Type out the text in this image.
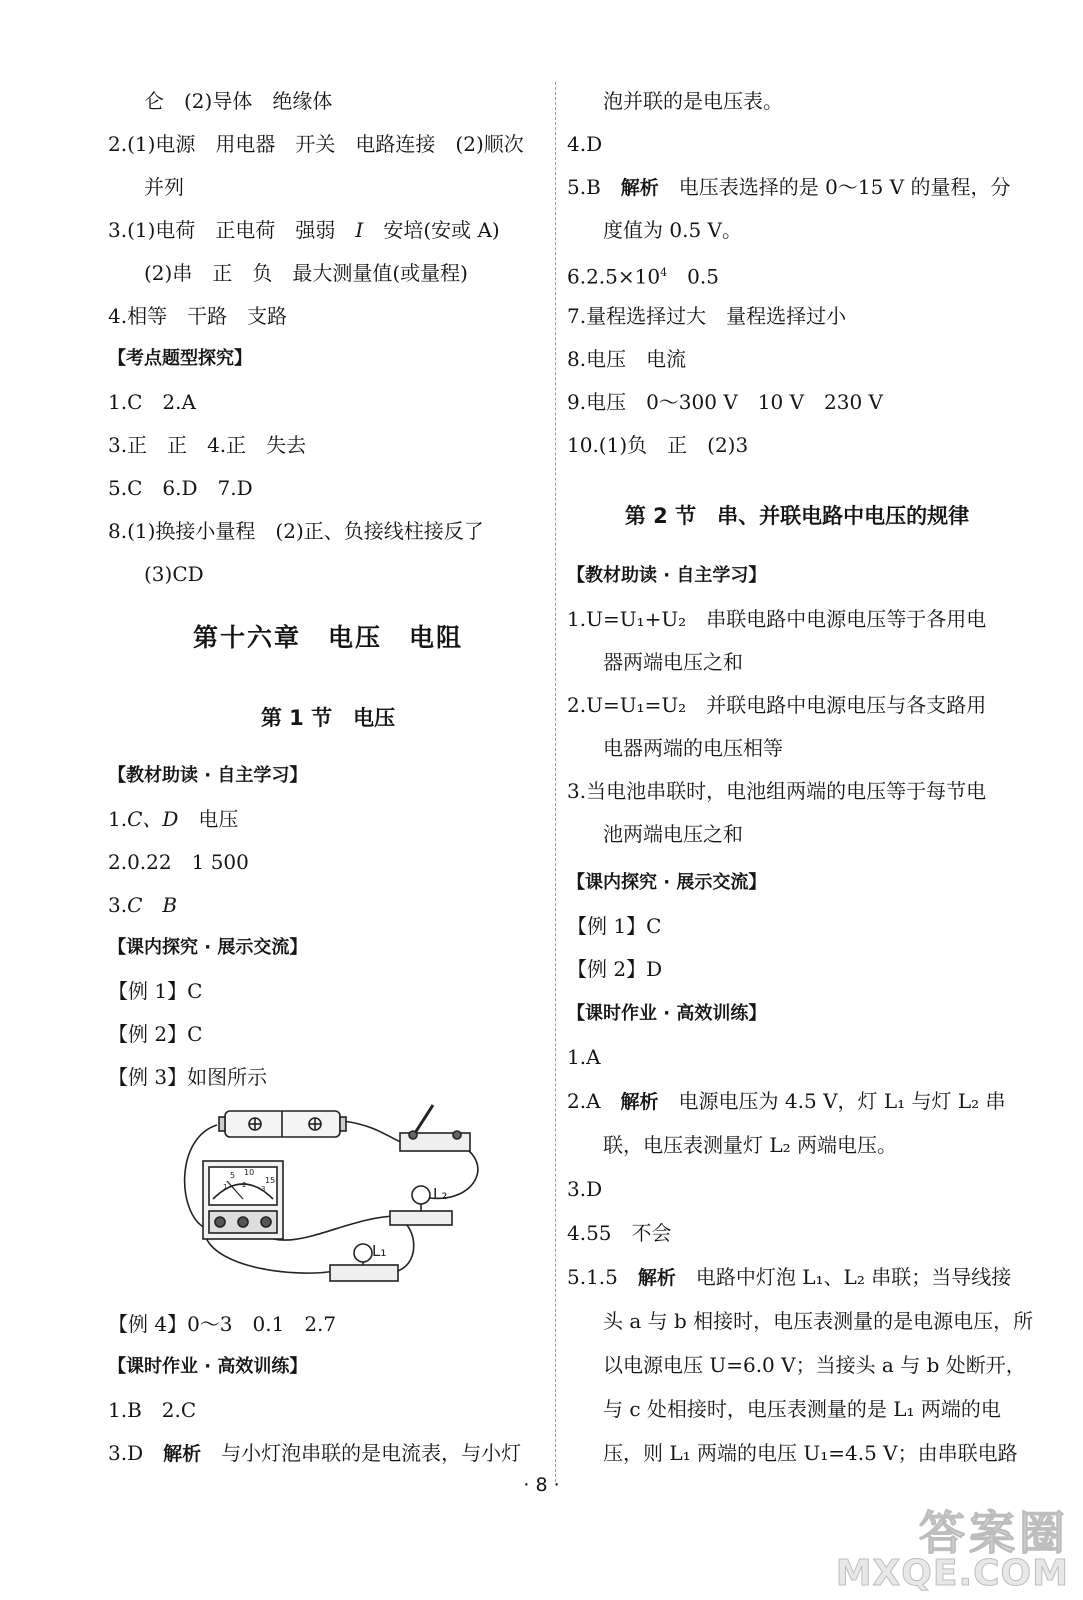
仑　(2)导体　绝缘体
2.(1)电源　用电器　开关　电路连接　(2)顺次
并列
3.(1)电荷　正电荷　强弱　I　安培(安或 A)
(2)串　正　负　最大测量值(或量程)
4.相等　干路　支路
【考点题型探究】
1.C　2.A
3.正　正　4.正　失去
5.C　6.D　7.D
8.(1)换接小量程　(2)正、负接线柱接反了
(3)CD
第十六章　电压　电阻
第 1 节　电压
【教材助读 · 自主学习】
1.C、D　电压
2.0.22　1 500
3.C　B
【课内探究 · 展示交流】
【例 1】C
【例 2】C
【例 3】如图所示
【例 4】0～3　0.1　2.7
【课时作业 · 高效训练】
1.B　2.C
3.D　解析　与小灯泡串联的是电流表，与小灯
5 10
15
1 2 3
L₁
L₂
泡并联的是电压表。
4.D
5.B　解析　电压表选择的是 0～15 V 的量程，分
度值为 0.5 V。
$6.2.5\times 10^4$　0.5
7.量程选择过大　量程选择过小
8.电压　电流
9.电压　0～300 V　10 V　230 V
10.(1)负　正　(2)3
第 2 节　串、并联电路中电压的规律
【教材助读 · 自主学习】
1.U=U₁+U₂　串联电路中电源电压等于各用电
器两端电压之和
2.U=U₁=U₂　并联电路中电源电压与各支路用
电器两端的电压相等
3.当电池串联时，电池组两端的电压等于每节电
池两端电压之和
【课内探究 · 展示交流】
【例 1】C
【例 2】D
【课时作业 · 高效训练】
1.A
2.A　解析　电源电压为 4.5 V，灯 L₁ 与灯 L₂ 串
联，电压表测量灯 L₂ 两端电压。
3.D
4.55　不会
5.1.5　解析　电路中灯泡 L₁、L₂ 串联；当导线接
头 a 与 b 相接时，电压表测量的是电源电压，所
以电源电压 U=6.0 V；当接头 a 与 b 处断开，
与 c 处相接时，电压表测量的是 L₁ 两端的电
压，则 L₁ 两端的电压 U₁=4.5 V；由串联电路
· 8 ·
答案圈
MXQE.COM
